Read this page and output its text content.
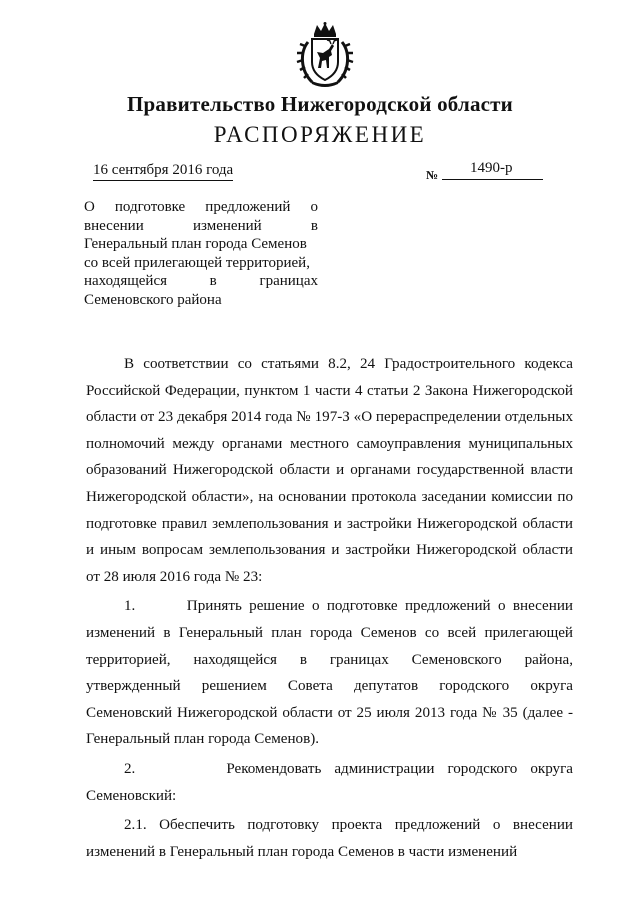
Правительство Нижегородской области
РАСПОРЯЖЕНИЕ
16 сентября 2016 года	№ 1490-р
О подготовке предложений о
внесении изменений в
Генеральный план города Семенов
со всей прилегающей территорией,
находящейся в границах
Семеновского района

В соответствии со статьями 8.2, 24 Градостроительного кодекса Российской Федерации, пунктом 1 части 4 статьи 2 Закона Нижегородской области от 23 декабря 2014 года № 197-З «О перераспределении отдельных полномочий между органами местного самоуправления муниципальных образований Нижегородской области и органами государственной власти Нижегородской области», на основании протокола заседании комиссии по подготовке правил землепользования и застройки Нижегородской области и иным вопросам землепользования и застройки Нижегородской области от 28 июля 2016 года № 23:

1.       Принять решение о подготовке предложений о внесении изменений в Генеральный план города Семенов со всей прилегающей территорией, находящейся в границах Семеновского района, утвержденный решением Совета депутатов городского округа Семеновский Нижегородской области от 25 июля 2013 года № 35 (далее - Генеральный план города Семенов).

2.       Рекомендовать администрации городского округа Семеновский:

2.1. Обеспечить подготовку проекта предложений о внесении изменений в Генеральный план города Семенов в части изменений
